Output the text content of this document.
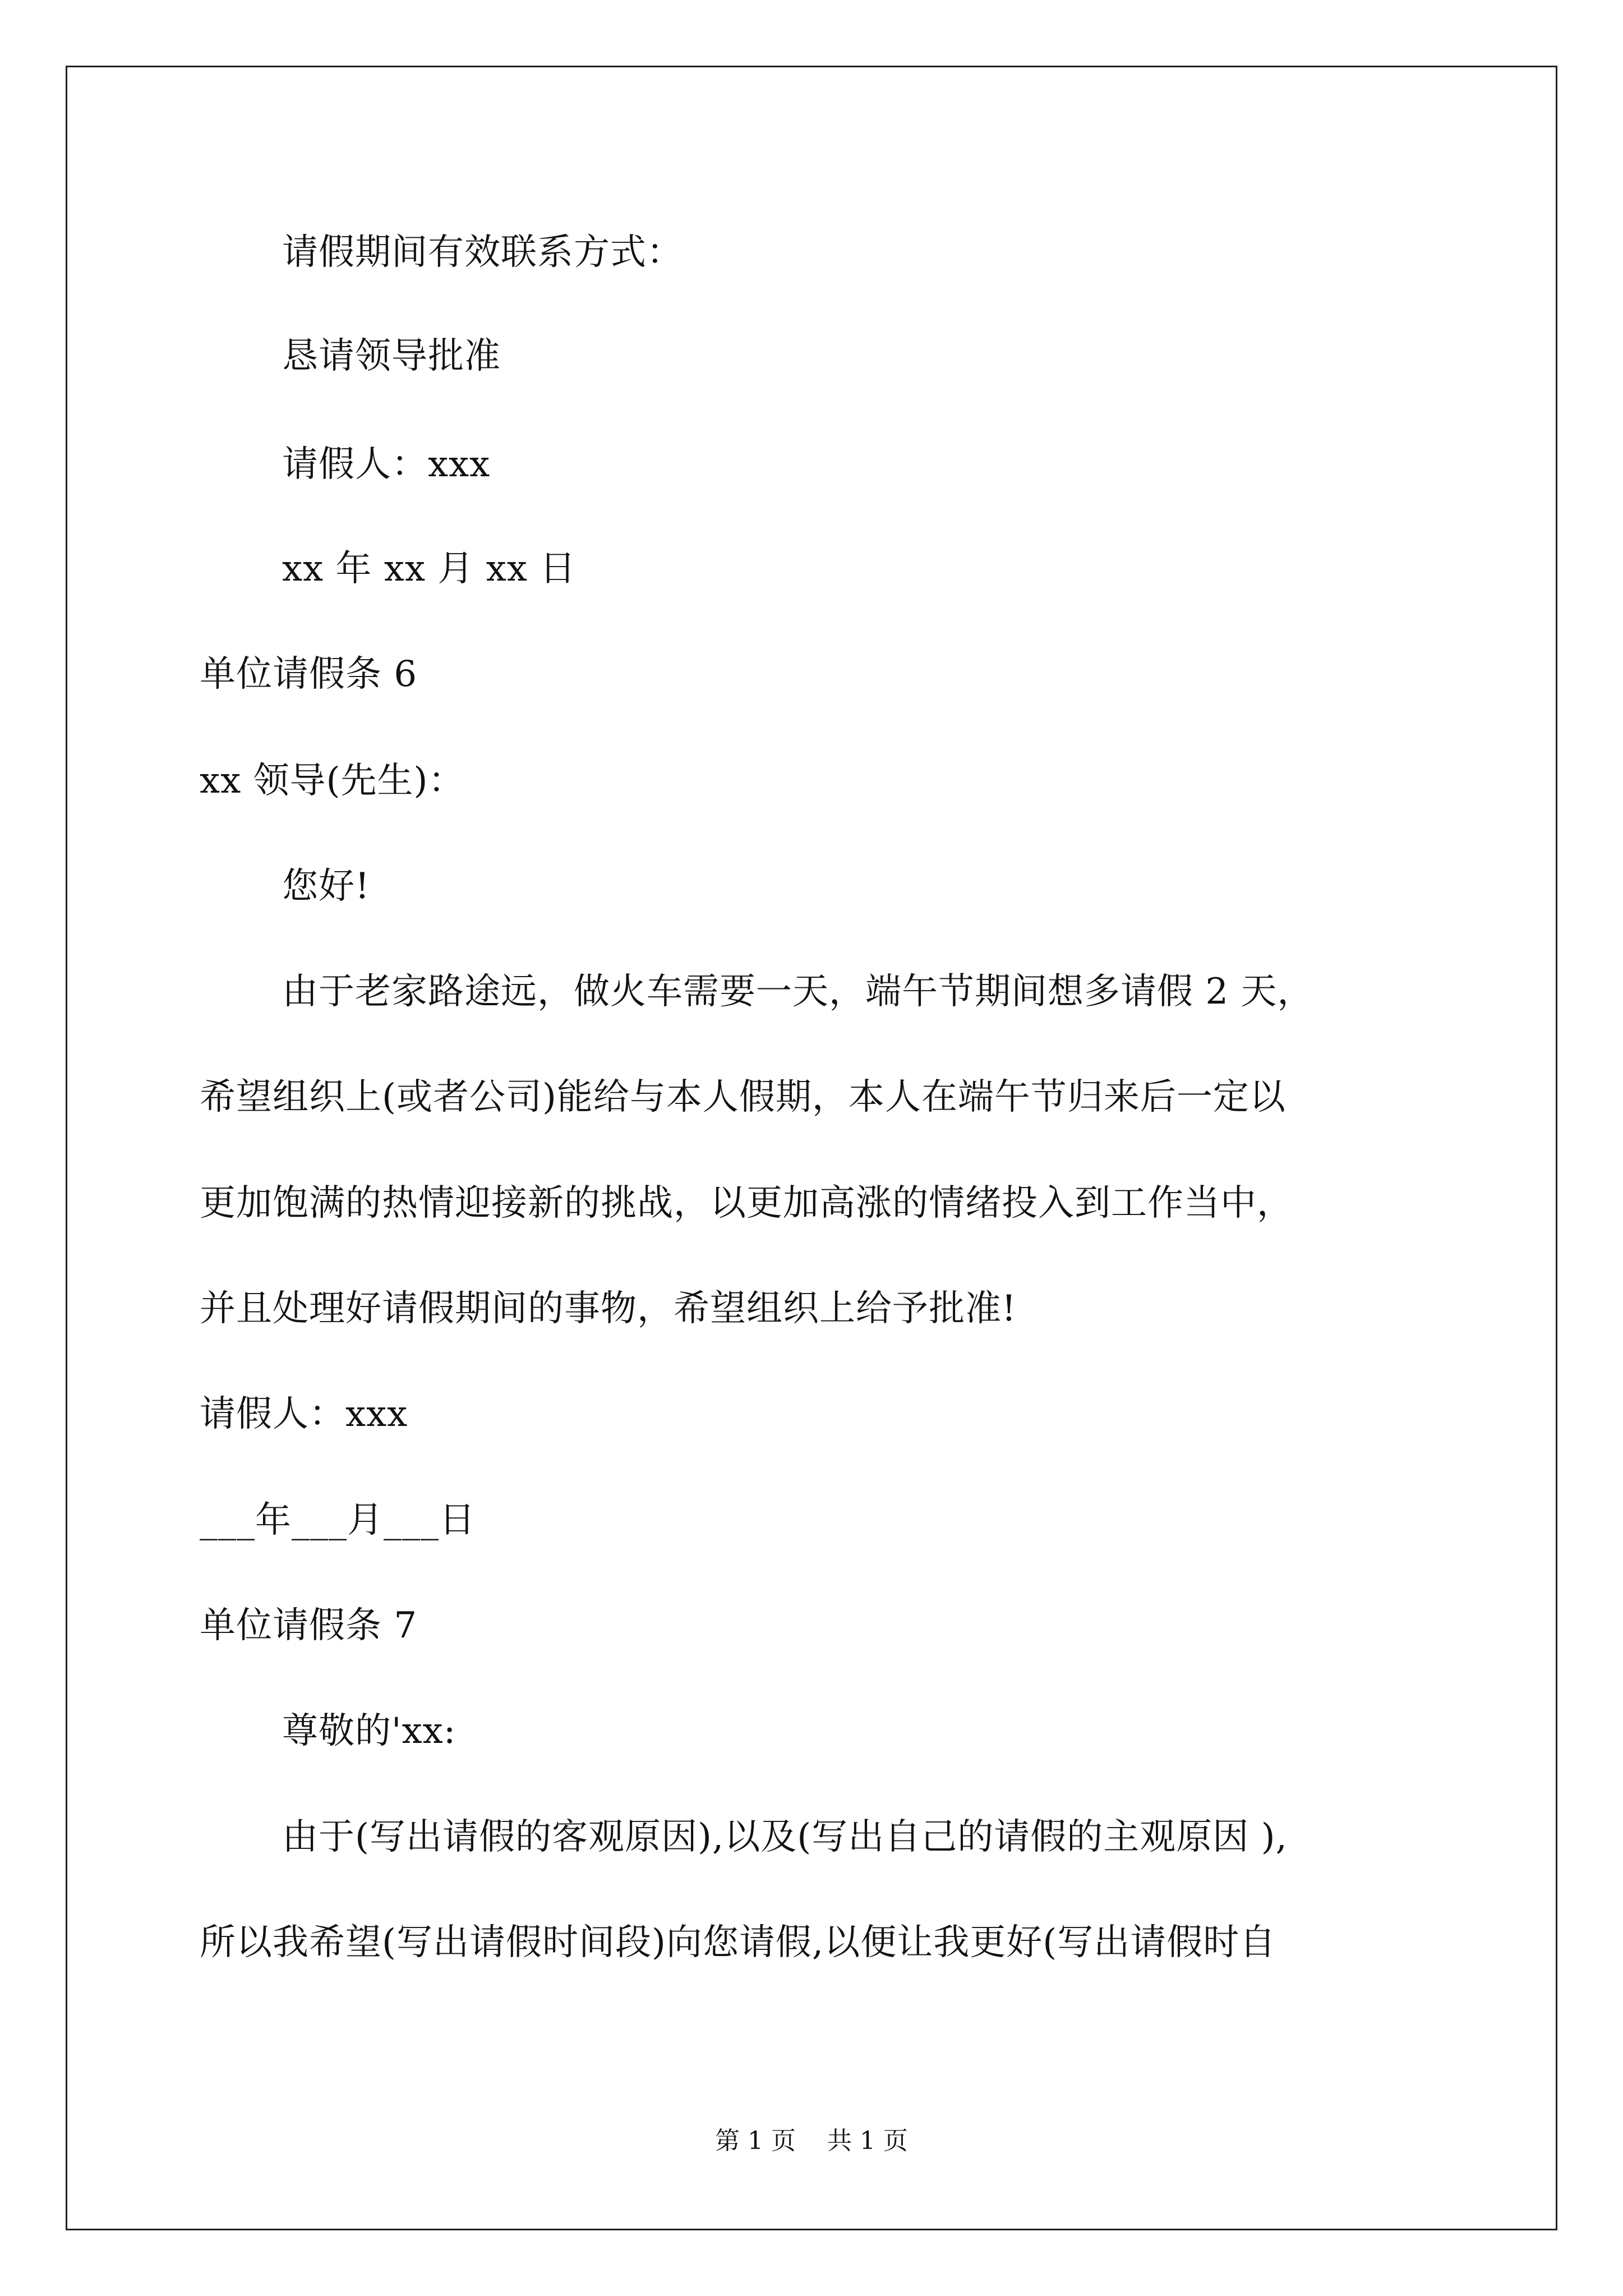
请假期间有效联系方式：
恳请领导批准
请假人：xxx
xx 年 xx 月 xx 日
单位请假条 6
xx 领导(先生)：
您好!
由于老家路途远，做火车需要一天，端午节期间想多请假 2 天，
希望组织上(或者公司)能给与本人假期，本人在端午节归来后一定以
更加饱满的热情迎接新的挑战，以更加高涨的情绪投入到工作当中，
并且处理好请假期间的事物，希望组织上给予批准!
请假人：xxx
___年___月___日
单位请假条 7
尊敬的'xx:
由于(写出请假的客观原因),以及(写出自己的请假的主观原因 ),
所以我希望(写出请假时间段)向您请假,以便让我更好(写出请假时自
第 1 页    共 1 页
